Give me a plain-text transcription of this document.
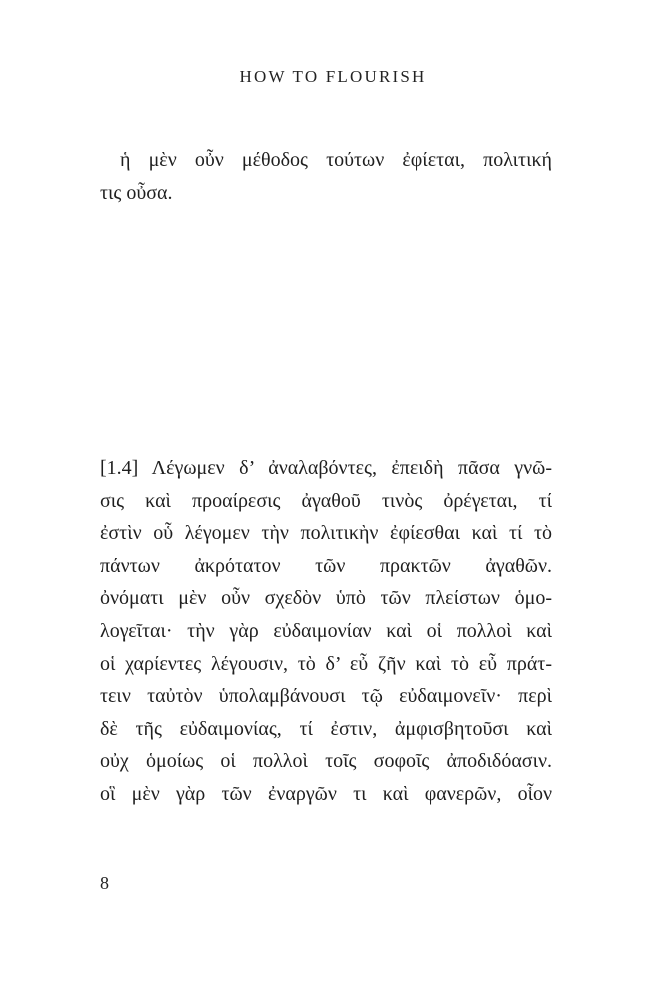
HOW TO FLOURISH
ἡ μὲν οὖν μέθοδος τούτων ἐφίεται, πολιτική
τις οὖσα.
[1.4] Λέγωμεν δ’ ἀναλαβόντες, ἐπειδὴ πᾶσα γνῶ-
σις καὶ προαίρεσις ἀγαθοῦ τινὸς ὀρέγεται, τί
ἐστὶν οὗ λέγομεν τὴν πολιτικὴν ἐφίεσθαι καὶ τί τὸ
πάντων ἀκρότατον τῶν πρακτῶν ἀγαθῶν.
ὀνόματι μὲν οὖν σχεδὸν ὑπὸ τῶν πλείστων ὁμο-
λογεῖται· τὴν γὰρ εὐδαιμονίαν καὶ οἱ πολλοὶ καὶ
οἱ χαρίεντες λέγουσιν, τὸ δ’ εὖ ζῆν καὶ τὸ εὖ πράτ-
τειν ταὐτὸν ὑπολαμβάνουσι τῷ εὐδαιμονεῖν· περὶ
δὲ τῆς εὐδαιμονίας, τί ἐστιν, ἀμφισβητοῦσι καὶ
οὐχ ὁμοίως οἱ πολλοὶ τοῖς σοφοῖς ἀποδιδόασιν.
οἳ μὲν γὰρ τῶν ἐναργῶν τι καὶ φανερῶν, οἷον
8
